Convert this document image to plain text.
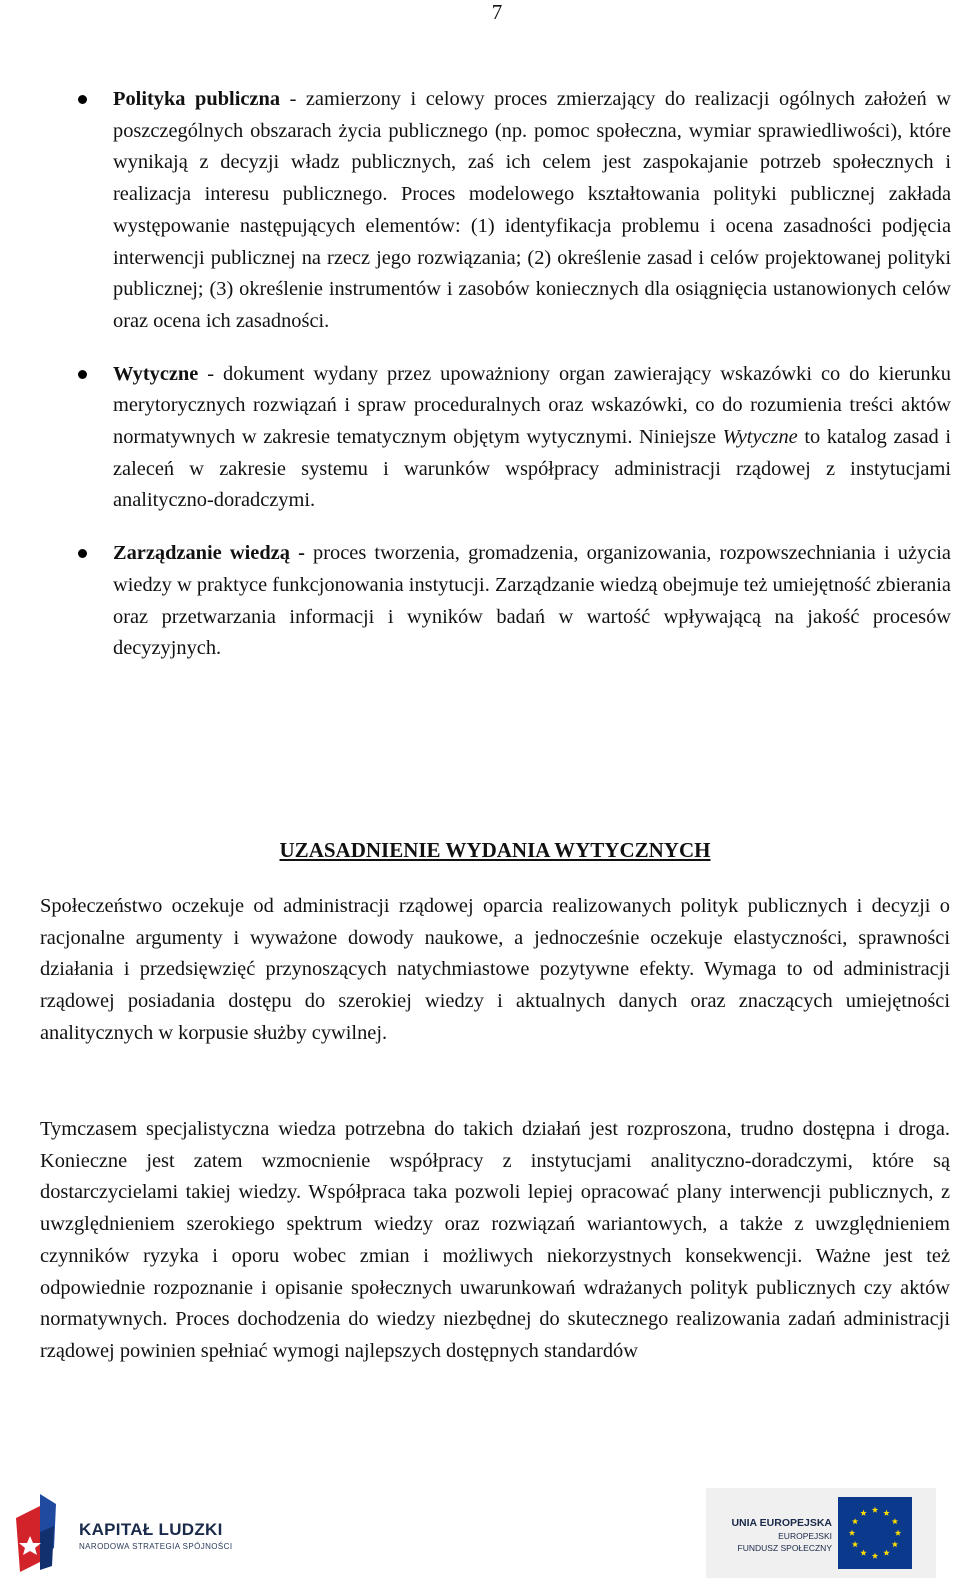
7
Polityka publiczna - zamierzony i celowy proces zmierzający do realizacji ogólnych założeń w poszczególnych obszarach życia publicznego (np. pomoc społeczna, wymiar sprawiedliwości), które wynikają z decyzji władz publicznych, zaś ich celem jest zaspokajanie potrzeb społecznych i realizacja interesu publicznego. Proces modelowego kształtowania polityki publicznej zakłada występowanie następujących elementów: (1) identyfikacja problemu i ocena zasadności podjęcia interwencji publicznej na rzecz jego rozwiązania; (2) określenie zasad i celów projektowanej polityki publicznej; (3) określenie instrumentów i zasobów koniecznych dla osiągnięcia ustanowionych celów oraz ocena ich zasadności.
Wytyczne - dokument wydany przez upoważniony organ zawierający wskazówki co do kierunku merytorycznych rozwiązań i spraw proceduralnych oraz wskazówki, co do rozumienia treści aktów normatywnych w zakresie tematycznym objętym wytycznymi. Niniejsze Wytyczne to katalog zasad i zaleceń w zakresie systemu i warunków współpracy administracji rządowej z instytucjami analityczno-doradczymi.
Zarządzanie wiedzą - proces tworzenia, gromadzenia, organizowania, rozpowszechniania i użycia wiedzy w praktyce funkcjonowania instytucji. Zarządzanie wiedzą obejmuje też umiejętność zbierania oraz przetwarzania informacji i wyników badań w wartość wpływającą na jakość procesów decyzyjnych.
UZASADNIENIE WYDANIA WYTYCZNYCH

Społeczeństwo oczekuje od administracji rządowej oparcia realizowanych polityk publicznych i decyzji o racjonalne argumenty i wyważone dowody naukowe, a jednocześnie oczekuje elastyczności, sprawności działania i przedsięwzięć przynoszących natychmiastowe pozytywne efekty. Wymaga to od administracji rządowej posiadania dostępu do szerokiej wiedzy i aktualnych danych oraz znaczących umiejętności analitycznych w korpusie służby cywilnej.

Tymczasem specjalistyczna wiedza potrzebna do takich działań jest rozproszona, trudno dostępna i droga. Konieczne jest zatem wzmocnienie współpracy z instytucjami analityczno-doradczymi, które są dostarczycielami takiej wiedzy. Współpraca taka pozwoli lepiej opracować plany interwencji publicznych, z uwzględnieniem szerokiego spektrum wiedzy oraz rozwiązań wariantowych, a także z uwzględnieniem czynników ryzyka i oporu wobec zmian i możliwych niekorzystnych konsekwencji. Ważne jest też odpowiednie rozpoznanie i opisanie społecznych uwarunkowań wdrażanych polityk publicznych czy aktów normatywnych. Proces dochodzenia do wiedzy niezbędnej do skutecznego realizowania zadań administracji rządowej powinien spełniać wymogi najlepszych dostępnych standardów

KAPITAŁ LUDZKI
NARODOWA STRATEGIA SPÓJNOŚCI
UNIA EUROPEJSKA
EUROPEJSKI
FUNDUSZ SPOŁECZNY
